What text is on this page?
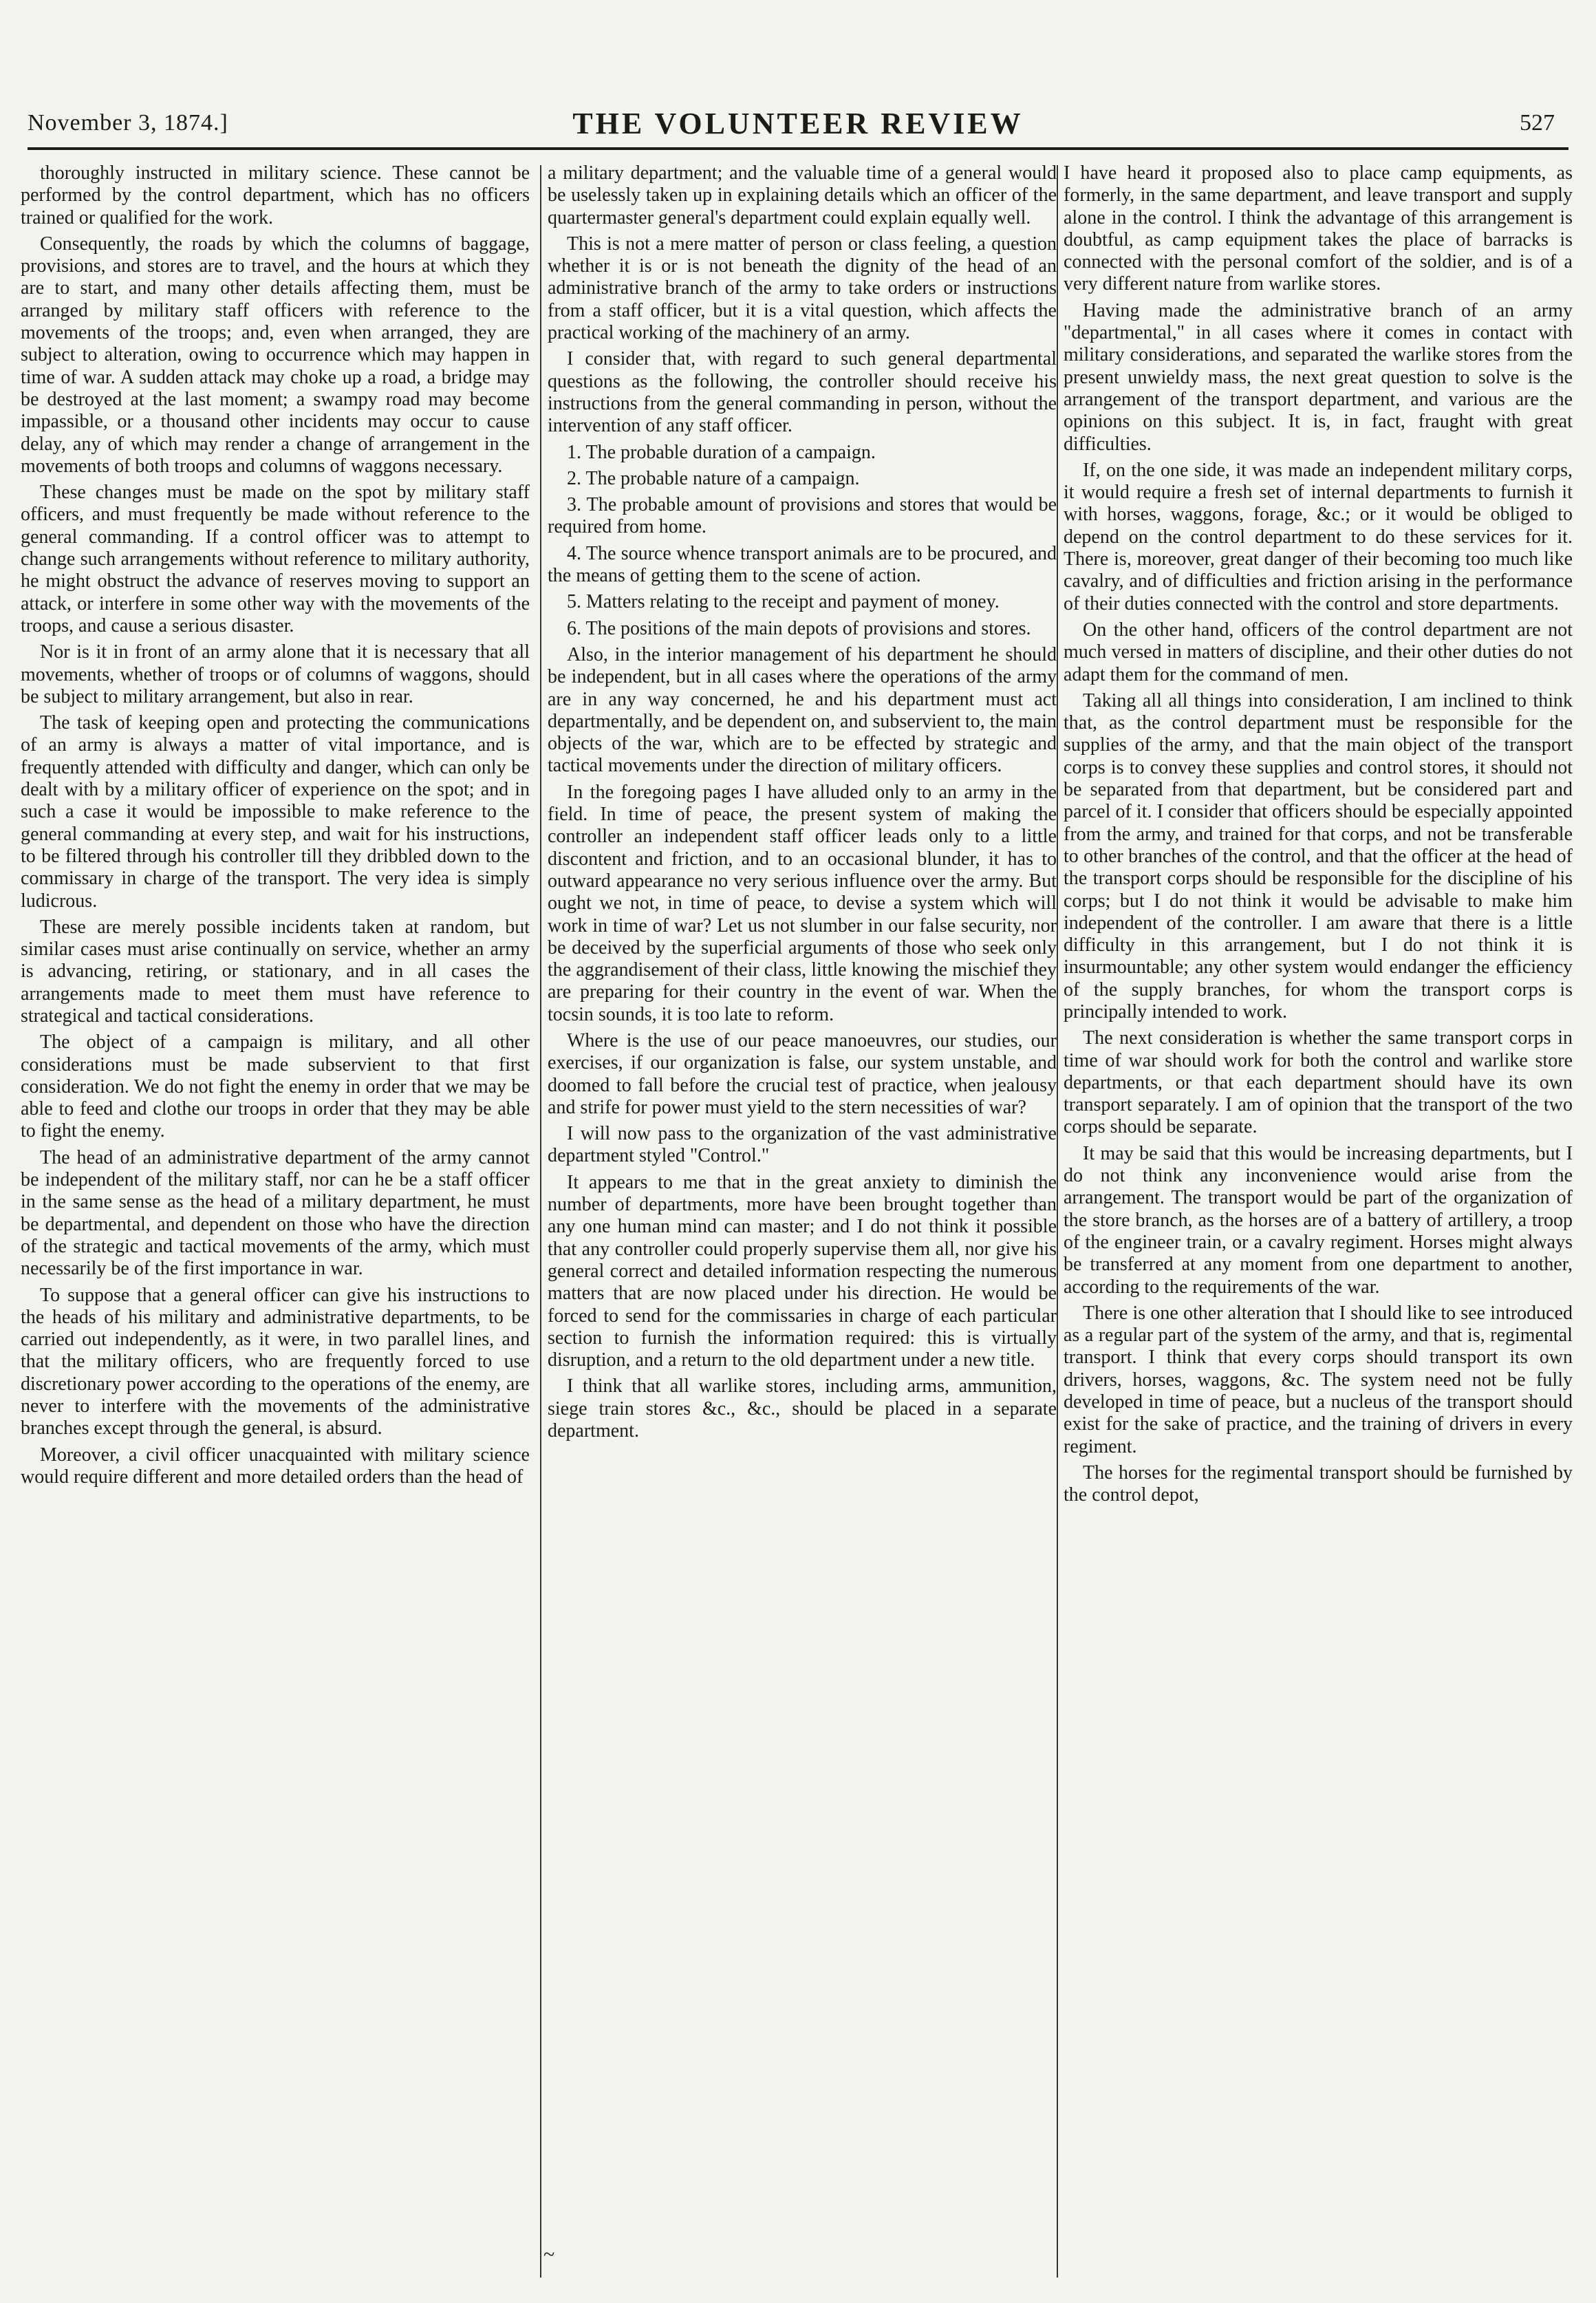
November 3, 1874.]	THE VOLUNTEER REVIEW	527

thoroughly instructed in military science. These cannot be performed by the control department, which has no officers trained or qualified for the work.

Consequently, the roads by which the columns of baggage, provisions, and stores are to travel, and the hours at which they are to start, and many other details affecting them, must be arranged by military staff officers with reference to the movements of the troops; and, even when arranged, they are subject to alteration, owing to occurrence which may happen in time of war. A sudden attack may choke up a road, a bridge may be destroyed at the last moment; a swampy road may become impassible, or a thousand other incidents may occur to cause delay, any of which may render a change of arrangement in the movements of both troops and columns of waggons necessary.

These changes must be made on the spot by military staff officers, and must frequently be made without reference to the general commanding. If a control officer was to attempt to change such arrangements without reference to military authority, he might obstruct the advance of reserves moving to support an attack, or interfere in some other way with the movements of the troops, and cause a serious disaster.

Nor is it in front of an army alone that it is necessary that all movements, whether of troops or of columns of waggons, should be subject to military arrangement, but also in rear.

The task of keeping open and protecting the communications of an army is always a matter of vital importance, and is frequently attended with difficulty and danger, which can only be dealt with by a military officer of experience on the spot; and in such a case it would be impossible to make reference to the general commanding at every step, and wait for his instructions, to be filtered through his controller till they dribbled down to the commissary in charge of the transport. The very idea is simply ludicrous.

These are merely possible incidents taken at random, but similar cases must arise continually on service, whether an army is advancing, retiring, or stationary, and in all cases the arrangements made to meet them must have reference to strategical and tactical considerations.

The object of a campaign is military, and all other considerations must be made subservient to that first consideration. We do not fight the enemy in order that we may be able to feed and clothe our troops in order that they may be able to fight the enemy.

The head of an administrative department of the army cannot be independent of the military staff, nor can he be a staff officer in the same sense as the head of a military department, he must be departmental, and dependent on those who have the direction of the strategic and tactical movements of the army, which must necessarily be of the first importance in war.

To suppose that a general officer can give his instructions to the heads of his military and administrative departments, to be carried out independently, as it were, in two parallel lines, and that the military officers, who are frequently forced to use discretionary power according to the operations of the enemy, are never to interfere with the movements of the administrative branches except through the general, is absurd.

Moreover, a civil officer unacquainted with military science would require different and more detailed orders than the head of

a military department; and the valuable time of a general would be uselessly taken up in explaining details which an officer of the quartermaster general's department could explain equally well.

This is not a mere matter of person or class feeling, a question whether it is or is not beneath the dignity of the head of an administrative branch of the army to take orders or instructions from a staff officer, but it is a vital question, which affects the practical working of the machinery of an army.

I consider that, with regard to such general departmental questions as the following, the controller should receive his instructions from the general commanding in person, without the intervention of any staff officer.

1. The probable duration of a campaign.

2. The probable nature of a campaign.

3. The probable amount of provisions and stores that would be required from home.

4. The source whence transport animals are to be procured, and the means of getting them to the scene of action.

5. Matters relating to the receipt and payment of money.

6. The positions of the main depots of provisions and stores.

Also, in the interior management of his department he should be independent, but in all cases where the operations of the army are in any way concerned, he and his department must act departmentally, and be dependent on, and subservient to, the main objects of the war, which are to be effected by strategic and tactical movements under the direction of military officers.

In the foregoing pages I have alluded only to an army in the field. In time of peace, the present system of making the controller an independent staff officer leads only to a little discontent and friction, and to an occasional blunder, it has to outward appearance no very serious influence over the army. But ought we not, in time of peace, to devise a system which will work in time of war? Let us not slumber in our false security, nor be deceived by the superficial arguments of those who seek only the aggrandisement of their class, little knowing the mischief they are preparing for their country in the event of war. When the tocsin sounds, it is too late to reform.

Where is the use of our peace manoeuvres, our studies, our exercises, if our organization is false, our system unstable, and doomed to fall before the crucial test of practice, when jealousy and strife for power must yield to the stern necessities of war?

I will now pass to the organization of the vast administrative department styled "Control."

It appears to me that in the great anxiety to diminish the number of departments, more have been brought together than any one human mind can master; and I do not think it possible that any controller could properly supervise them all, nor give his general correct and detailed information respecting the numerous matters that are now placed under his direction. He would be forced to send for the commissaries in charge of each particular section to furnish the information required: this is virtually disruption, and a return to the old department under a new title.

I think that all warlike stores, including arms, ammunition, siege train stores &c., &c., should be placed in a separate department.

I have heard it proposed also to place camp equipments, as formerly, in the same department, and leave transport and supply alone in the control. I think the advantage of this arrangement is doubtful, as camp equipment takes the place of barracks is connected with the personal comfort of the soldier, and is of a very different nature from warlike stores.

Having made the administrative branch of an army "departmental," in all cases where it comes in contact with military considerations, and separated the warlike stores from the present unwieldy mass, the next great question to solve is the arrangement of the transport department, and various are the opinions on this subject. It is, in fact, fraught with great difficulties.

If, on the one side, it was made an independent military corps, it would require a fresh set of internal departments to furnish it with horses, waggons, forage, &c.; or it would be obliged to depend on the control department to do these services for it. There is, moreover, great danger of their becoming too much like cavalry, and of difficulties and friction arising in the performance of their duties connected with the control and store departments.

On the other hand, officers of the control department are not much versed in matters of discipline, and their other duties do not adapt them for the command of men.

Taking all all things into consideration, I am inclined to think that, as the control department must be responsible for the supplies of the army, and that the main object of the transport corps is to convey these supplies and control stores, it should not be separated from that department, but be considered part and parcel of it. I consider that officers should be especially appointed from the army, and trained for that corps, and not be transferable to other branches of the control, and that the officer at the head of the transport corps should be responsible for the discipline of his corps; but I do not think it would be advisable to make him independent of the controller. I am aware that there is a little difficulty in this arrangement, but I do not think it is insurmountable; any other system would endanger the efficiency of the supply branches, for whom the transport corps is principally intended to work.

The next consideration is whether the same transport corps in time of war should work for both the control and warlike store departments, or that each department should have its own transport separately. I am of opinion that the transport of the two corps should be separate.

It may be said that this would be increasing departments, but I do not think any inconvenience would arise from the arrangement. The transport would be part of the organization of the store branch, as the horses are of a battery of artillery, a troop of the engineer train, or a cavalry regiment. Horses might always be transferred at any moment from one department to another, according to the requirements of the war.

There is one other alteration that I should like to see introduced as a regular part of the system of the army, and that is, regimental transport. I think that every corps should transport its own drivers, horses, waggons, &c. The system need not be fully developed in time of peace, but a nucleus of the transport should exist for the sake of practice, and the training of drivers in every regiment.

The horses for the regimental transport should be furnished by the control depot,

~
